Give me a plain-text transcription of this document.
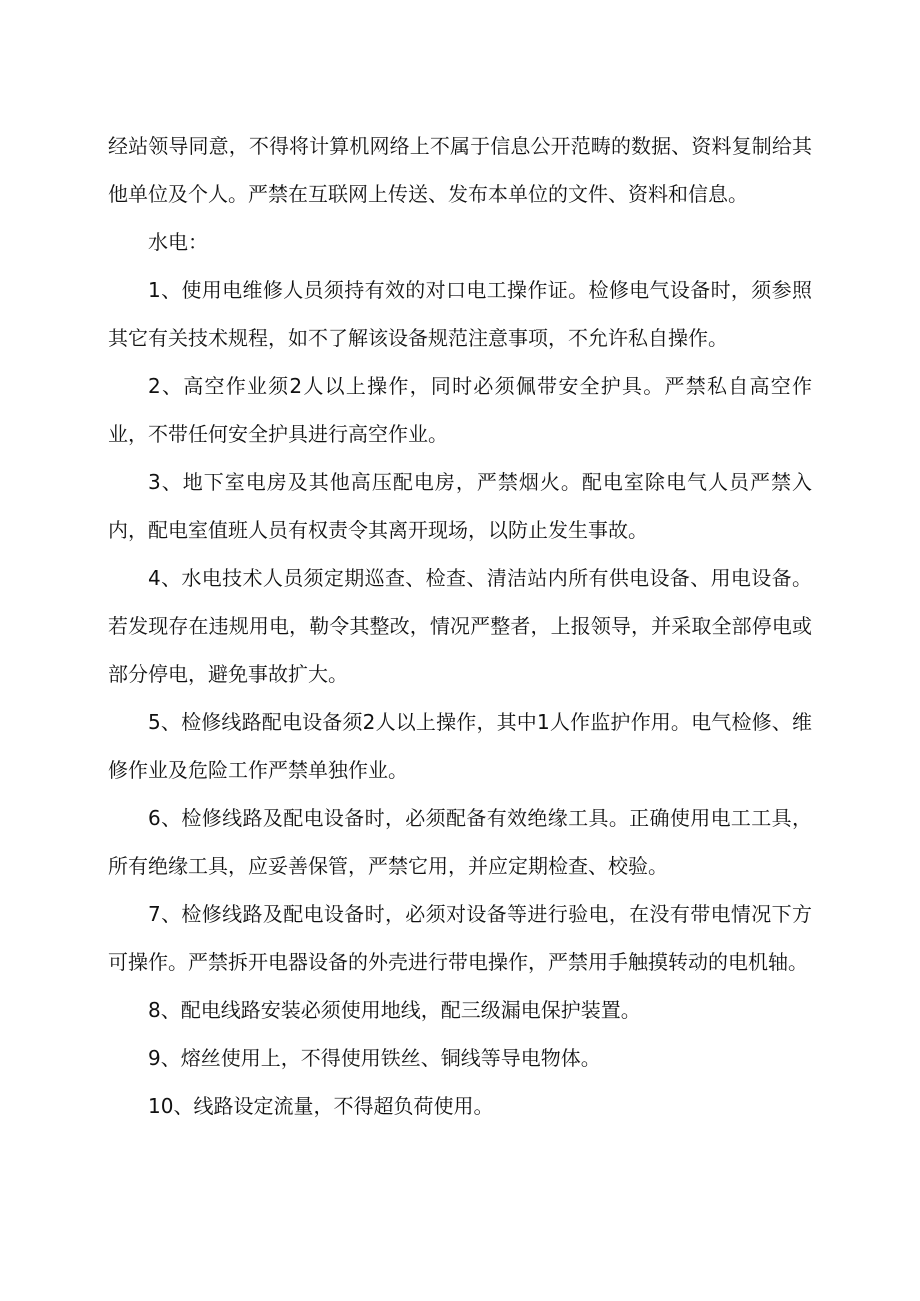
经站领导同意，不得将计算机网络上不属于信息公开范畴的数据、资料复制给其他单位及个人。严禁在互联网上传送、发布本单位的文件、资料和信息。

水电：

1、使用电维修人员须持有效的对口电工操作证。检修电气设备时，须参照其它有关技术规程，如不了解该设备规范注意事项，不允许私自操作。

2、高空作业须2人以上操作，同时必须佩带安全护具。严禁私自高空作业，不带任何安全护具进行高空作业。

3、地下室电房及其他高压配电房，严禁烟火。配电室除电气人员严禁入内，配电室值班人员有权责令其离开现场，以防止发生事故。

4、水电技术人员须定期巡查、检查、清洁站内所有供电设备、用电设备。若发现存在违规用电，勒令其整改，情况严整者，上报领导，并采取全部停电或部分停电，避免事故扩大。

5、检修线路配电设备须2人以上操作，其中1人作监护作用。电气检修、维修作业及危险工作严禁单独作业。

6、检修线路及配电设备时，必须配备有效绝缘工具。正确使用电工工具，所有绝缘工具，应妥善保管，严禁它用，并应定期检查、校验。

7、检修线路及配电设备时，必须对设备等进行验电，在没有带电情况下方可操作。严禁拆开电器设备的外壳进行带电操作，严禁用手触摸转动的电机轴。

8、配电线路安装必须使用地线，配三级漏电保护装置。

9、熔丝使用上，不得使用铁丝、铜线等导电物体。

10、线路设定流量，不得超负荷使用。
